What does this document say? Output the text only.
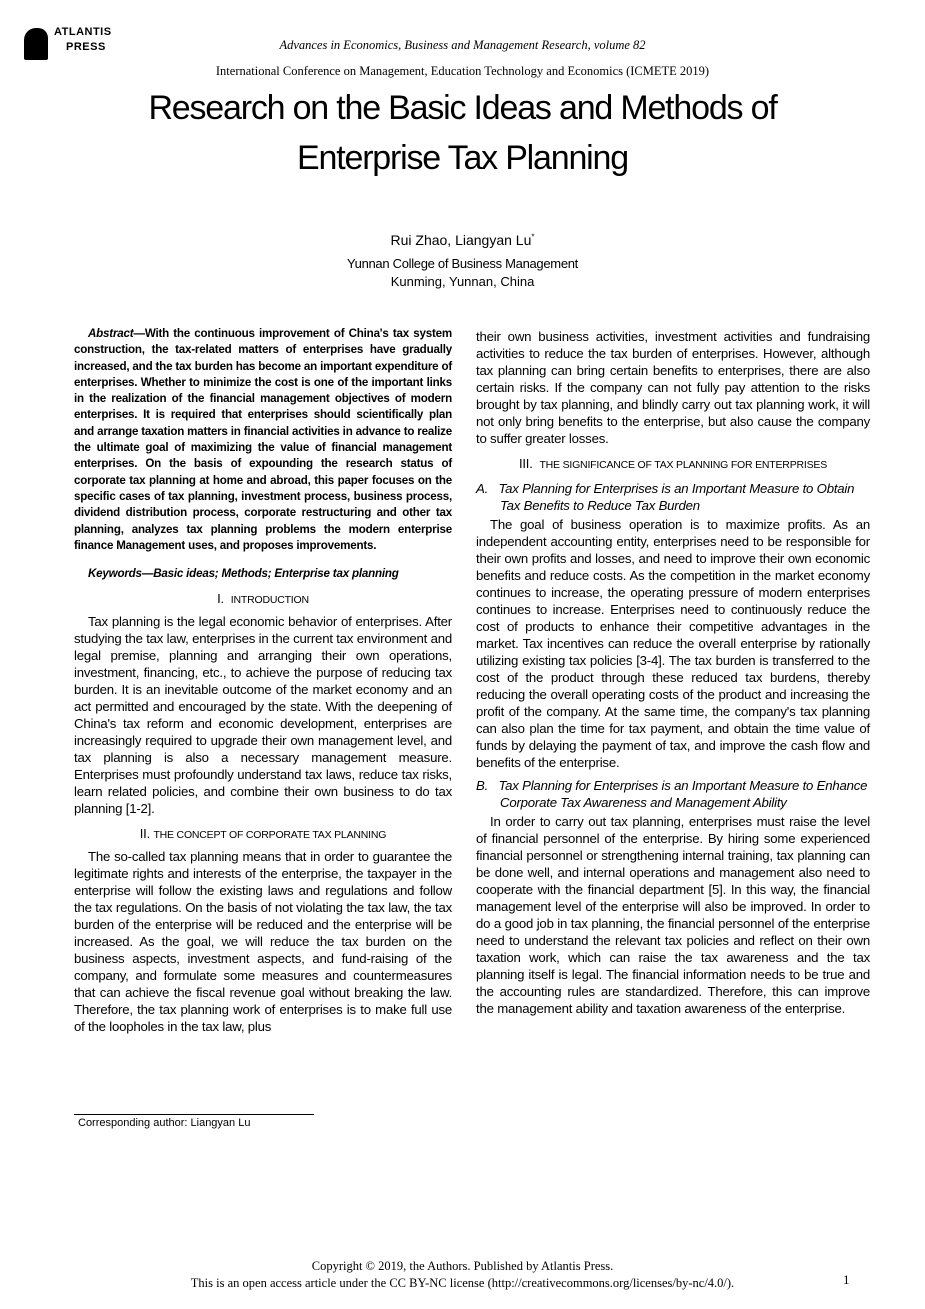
ATLANTIS
PRESS	Advances in Economics, Business and Management Research, volume 82
International Conference on Management, Education Technology and Economics (ICMETE 2019)
Research on the Basic Ideas and Methods of
Enterprise Tax Planning
Rui Zhao, Liangyan Lu*
Yunnan College of Business Management
Kunming, Yunnan, China

Abstract—With the continuous improvement of China's tax system construction, the tax-related matters of enterprises have gradually increased, and the tax burden has become an important expenditure of enterprises. Whether to minimize the cost is one of the important links in the realization of the financial management objectives of modern enterprises. It is required that enterprises should scientifically plan and arrange taxation matters in financial activities in advance to realize the ultimate goal of maximizing the value of financial management enterprises. On the basis of expounding the research status of corporate tax planning at home and abroad, this paper focuses on the specific cases of tax planning, investment process, business process, dividend distribution process, corporate restructuring and other tax planning, analyzes tax planning problems the modern enterprise finance Management uses, and proposes improvements.

Keywords—Basic ideas; Methods; Enterprise tax planning

I. INTRODUCTION

Tax planning is the legal economic behavior of enterprises. After studying the tax law, enterprises in the current tax environment and legal premise, planning and arranging their own operations, investment, financing, etc., to achieve the purpose of reducing tax burden. It is an inevitable outcome of the market economy and an act permitted and encouraged by the state. With the deepening of China's tax reform and economic development, enterprises are increasingly required to upgrade their own management level, and tax planning is also a necessary management measure. Enterprises must profoundly understand tax laws, reduce tax risks, learn related policies, and combine their own business to do tax planning [1-2].

II. THE CONCEPT OF CORPORATE TAX PLANNING

The so-called tax planning means that in order to guarantee the legitimate rights and interests of the enterprise, the taxpayer in the enterprise will follow the existing laws and regulations and follow the tax regulations. On the basis of not violating the tax law, the tax burden of the enterprise will be reduced and the enterprise will be increased. As the goal, we will reduce the tax burden on the business aspects, investment aspects, and fund-raising of the company, and formulate some measures and countermeasures that can achieve the fiscal revenue goal without breaking the law. Therefore, the tax planning work of enterprises is to make full use of the loopholes in the tax law, plus

Corresponding author: Liangyan Lu

their own business activities, investment activities and fundraising activities to reduce the tax burden of enterprises. However, although tax planning can bring certain benefits to enterprises, there are also certain risks. If the company can not fully pay attention to the risks brought by tax planning, and blindly carry out tax planning work, it will not only bring benefits to the enterprise, but also cause the company to suffer greater losses.

III. THE SIGNIFICANCE OF TAX PLANNING FOR ENTERPRISES

A. Tax Planning for Enterprises is an Important Measure to Obtain Tax Benefits to Reduce Tax Burden

The goal of business operation is to maximize profits. As an independent accounting entity, enterprises need to be responsible for their own profits and losses, and need to improve their own economic benefits and reduce costs. As the competition in the market economy continues to increase, the operating pressure of modern enterprises continues to increase. Enterprises need to continuously reduce the cost of products to enhance their competitive advantages in the market. Tax incentives can reduce the overall enterprise by rationally utilizing existing tax policies [3-4]. The tax burden is transferred to the cost of the product through these reduced tax burdens, thereby reducing the overall operating costs of the product and increasing the profit of the company. At the same time, the company's tax planning can also plan the time for tax payment, and obtain the time value of funds by delaying the payment of tax, and improve the cash flow and benefits of the enterprise.

B. Tax Planning for Enterprises is an Important Measure to Enhance Corporate Tax Awareness and Management Ability

In order to carry out tax planning, enterprises must raise the level of financial personnel of the enterprise. By hiring some experienced financial personnel or strengthening internal training, tax planning can be done well, and internal operations and management also need to cooperate with the financial department [5]. In this way, the financial management level of the enterprise will also be improved. In order to do a good job in tax planning, the financial personnel of the enterprise need to understand the relevant tax policies and reflect on their own taxation work, which can raise the tax awareness and the tax planning itself is legal. The financial information needs to be true and the accounting rules are standardized. Therefore, this can improve the management ability and taxation awareness of the enterprise.

Copyright © 2019, the Authors. Published by Atlantis Press.
This is an open access article under the CC BY-NC license (http://creativecommons.org/licenses/by-nc/4.0/).	1
